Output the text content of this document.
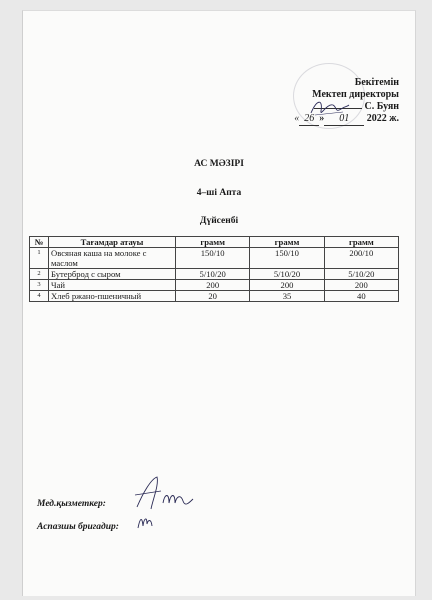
Бекітемін
Мектеп директоры
С. Буян
« 26 » 01 2022 ж.
АС МӘЗІРІ
4–ші Апта
Дүйсенбі
№	Тағамдар атауы	грамм	грамм	грамм
1	Овсяная каша на молоке с маслом	150/10	150/10	200/10
2	Бутерброд с сыром	5/10/20	5/10/20	5/10/20
3	Чай	200	200	200
4	Хлеб ржано-пшеничный	20	35	40
Мед.қызметкер:
Аспазшы бригадир:
